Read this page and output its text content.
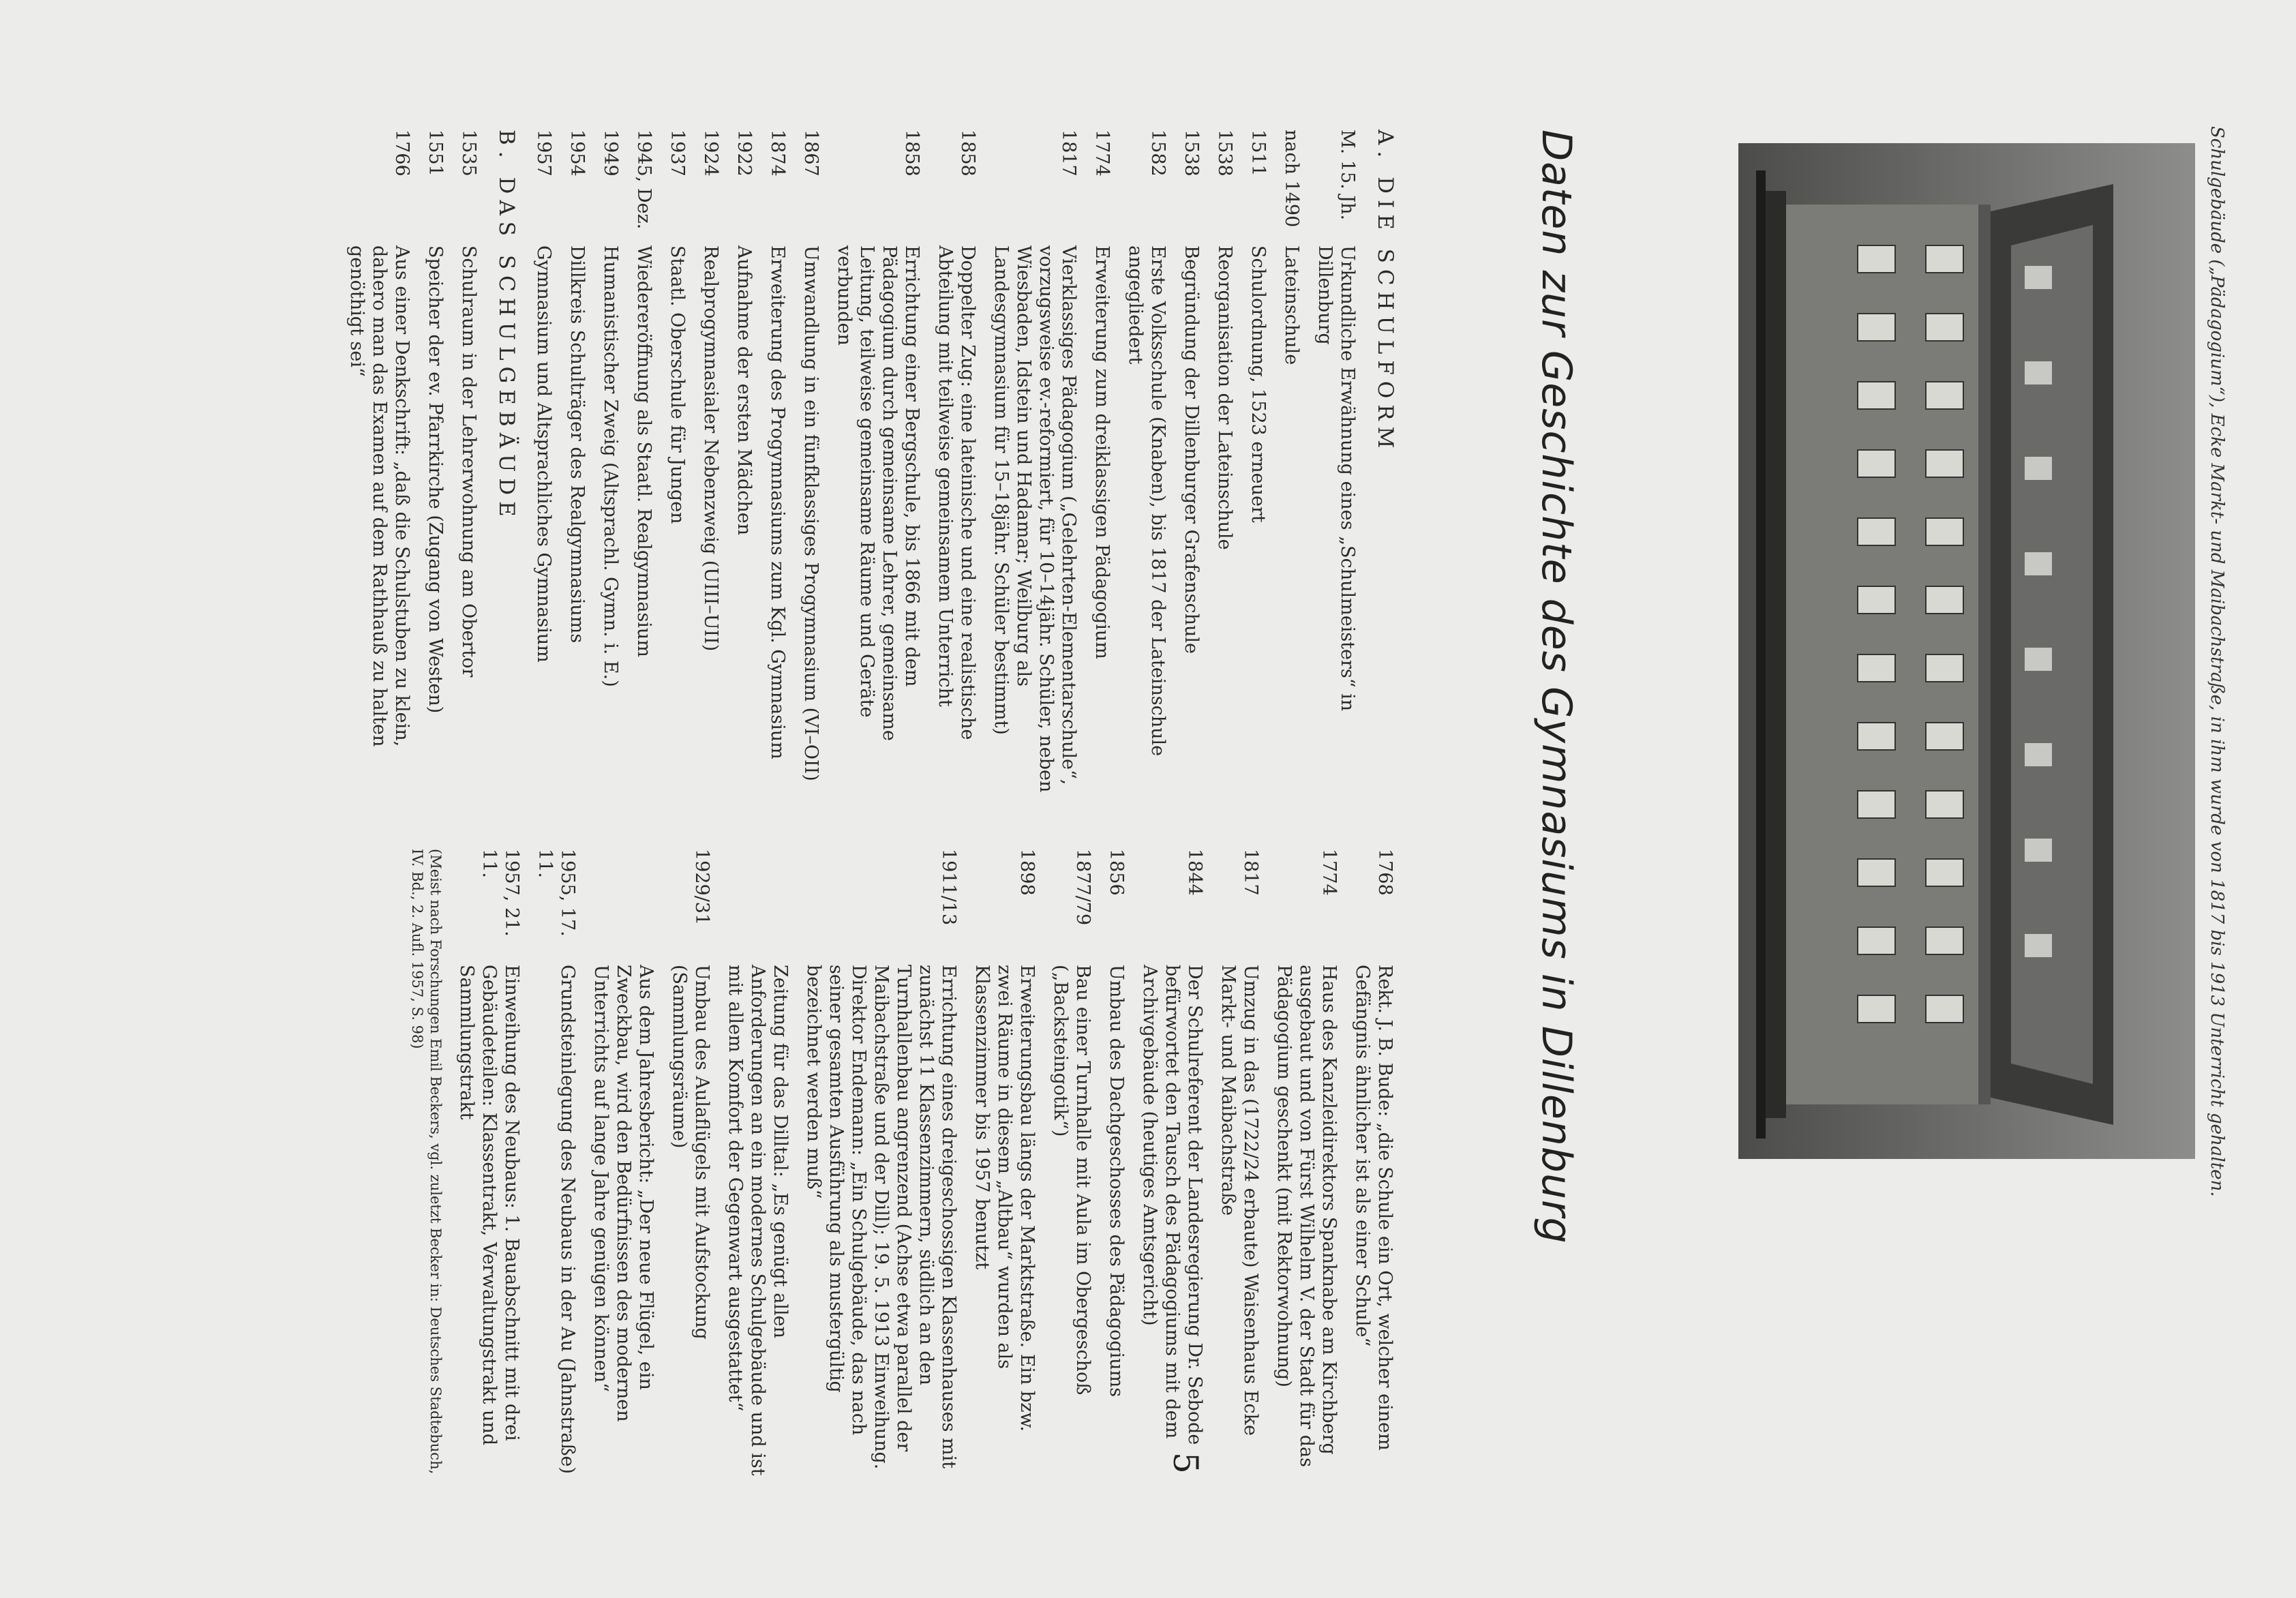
Schulgebäude („Pädagogium“), Ecke Markt- und Maibachstraße, in ihm wurde von 1817 bis 1913 Unterricht gehalten.
Daten zur Geschichte des Gymnasiums in Dillenburg
A. DIE SCHULFORM
M. 15. Jh.
Urkundliche Erwähnung eines „Schulmeisters“ in Dillenburg
nach 1490
Lateinschule
1511
Schulordnung, 1523 erneuert
1538
Reorganisation der Lateinschule
1538
Begründung der Dillenburger Grafenschule
1582
Erste Volksschule (Knaben), bis 1817 der Lateinschule angegliedert
1774
Erweiterung zum dreiklassigen Pädagogium
1817
Vierklassiges Pädagogium („Gelehrten-Elementarschule“, vorzugsweise ev.-reformiert, für 10–14jähr. Schüler, neben Wiesbaden, Idstein und Hadamar; Weilburg als Landesgymnasium für 15–18jähr. Schüler bestimmt)
1858
Doppelter Zug: eine lateinische und eine realistische Abteilung mit teilweise gemeinsamem Unterricht
1858
Errichtung einer Bergschule, bis 1866 mit dem Pädagogium durch gemeinsame Lehrer, gemeinsame Leitung, teilweise gemeinsame Räume und Geräte verbunden
1867
Umwandlung in ein fünfklassiges Progymnasium (VI–OII)
1874
Erweiterung des Progymnasiums zum Kgl. Gymnasium
1922
Aufnahme der ersten Mädchen
1924
Realprogymnasialer Nebenzweig (UIII–UII)
1937
Staatl. Oberschule für Jungen
1945, Dez.
Wiedereröffnung als Staatl. Realgymnasium
1949
Humanistischer Zweig (Altsprachl. Gymn. i. E.)
1954
Dillkreis Schulträger des Realgymnasiums
1957
Gymnasium und Altsprachliches Gymnasium
B. DAS SCHULGEBÄUDE
1535
Schulraum in der Lehrerwohnung am Obertor
1551
Speicher der ev. Pfarrkirche (Zugang von Westen)
1766
Aus einer Denkschrift: „daß die Schulstuben zu klein, dahero man das Examen auf dem Rathhauß zu halten genöthigt sei“
1768
Rekt. J. B. Bude: „die Schule ein Ort, welcher einem Gefängnis ähnlicher ist als einer Schule“
1774
Haus des Kanzleidirektors Spanknabe am Kirchberg ausgebaut und von Fürst Wilhelm V. der Stadt für das Pädagogium geschenkt (mit Rektorwohnung)
1817
Umzug in das (1722/24 erbaute) Waisenhaus Ecke Markt- und Maibachstraße
1844
Der Schulreferent der Landesregierung Dr. Sebode befürwortet den Tausch des Pädagogiums mit dem Archivgebäude (heutiges Amtsgericht)
1856
Umbau des Dachgeschosses des Pädagogiums
1877/79
Bau einer Turnhalle mit Aula im Obergeschoß („Backsteingotik“)
1898
Erweiterungsbau längs der Marktstraße. Ein bzw. zwei Räume in diesem „Altbau“ wurden als Klassenzimmer bis 1957 benutzt
1911/13
Errichtung eines dreigeschossigen Klassenhauses mit zunächst 11 Klassenzimmern, südlich an den Turnhallenbau angrenzend (Achse etwa parallel der Maibachstraße und der Dill); 19. 5. 1913 Einweihung. Direktor Endemann: „Ein Schulgebäude, das nach seiner gesamten Ausführung als mustergültig bezeichnet werden muß“
Zeitung für das Dilltal: „Es genügt allen Anforderungen an ein modernes Schulgebäude und ist mit allem Komfort der Gegenwart ausgestattet“
1929/31
Umbau des Aulaflügels mit Aufstockung (Sammlungsräume)
Aus dem Jahresbericht: „Der neue Flügel, ein Zweckbau, wird den Bedürfnissen des modernen Unterrichts auf lange Jahre genügen können“
1955, 17. 11.
Grundsteinlegung des Neubaus in der Au (Jahnstraße)
1957, 21. 11.
Einweihung des Neubaus: 1. Bauabschnitt mit drei Gebäudeteilen: Klassentrakt, Verwaltungstrakt und Sammlungstrakt
(Meist nach Forschungen Emil Beckers, vgl. zuletzt Becker in: Deutsches Stadtebuch, IV. Bd., 2. Aufl. 1957, S. 98)
5
